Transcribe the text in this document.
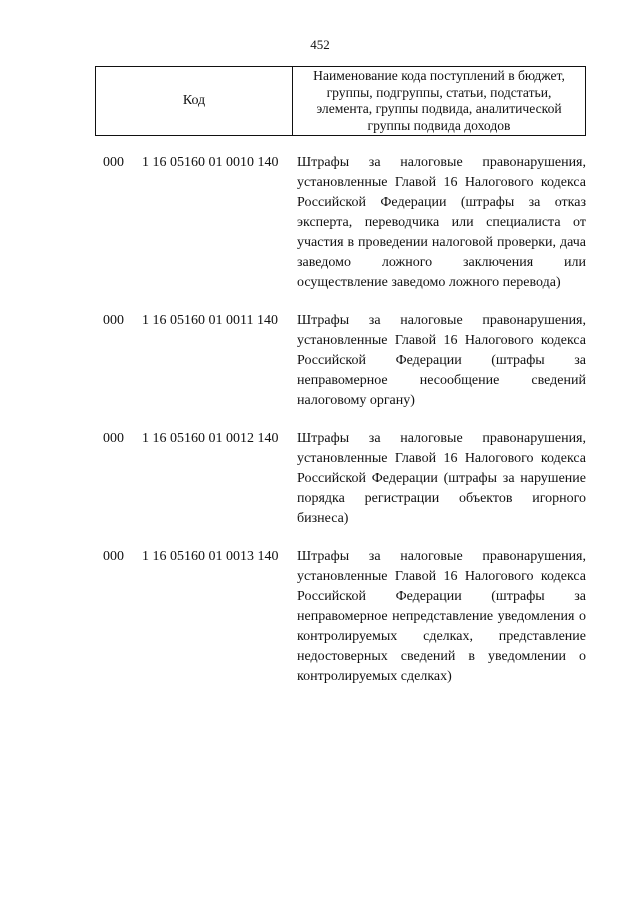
452
Код
Наименование кода поступлений в бюджет, группы, подгруппы, статьи, подстатьи, элемента, группы подвида, аналитической группы подвида доходов
000 1 16 05160 01 0010 140 Штрафы за налоговые правонарушения, установленные Главой 16 Налогового кодекса Российской Федерации (штрафы за отказ эксперта, переводчика или специалиста от участия в проведении налоговой проверки, дача заведомо ложного заключения или осуществление заведомо ложного перевода)
000 1 16 05160 01 0011 140 Штрафы за налоговые правонарушения, установленные Главой 16 Налогового кодекса Российской Федерации (штрафы за неправомерное несообщение сведений налоговому органу)
000 1 16 05160 01 0012 140 Штрафы за налоговые правонарушения, установленные Главой 16 Налогового кодекса Российской Федерации (штрафы за нарушение порядка регистрации объектов игорного бизнеса)
000 1 16 05160 01 0013 140 Штрафы за налоговые правонарушения, установленные Главой 16 Налогового кодекса Российской Федерации (штрафы за неправомерное непредставление уведомления о контролируемых сделках, представление недостоверных сведений в уведомлении о контролируемых сделках)
